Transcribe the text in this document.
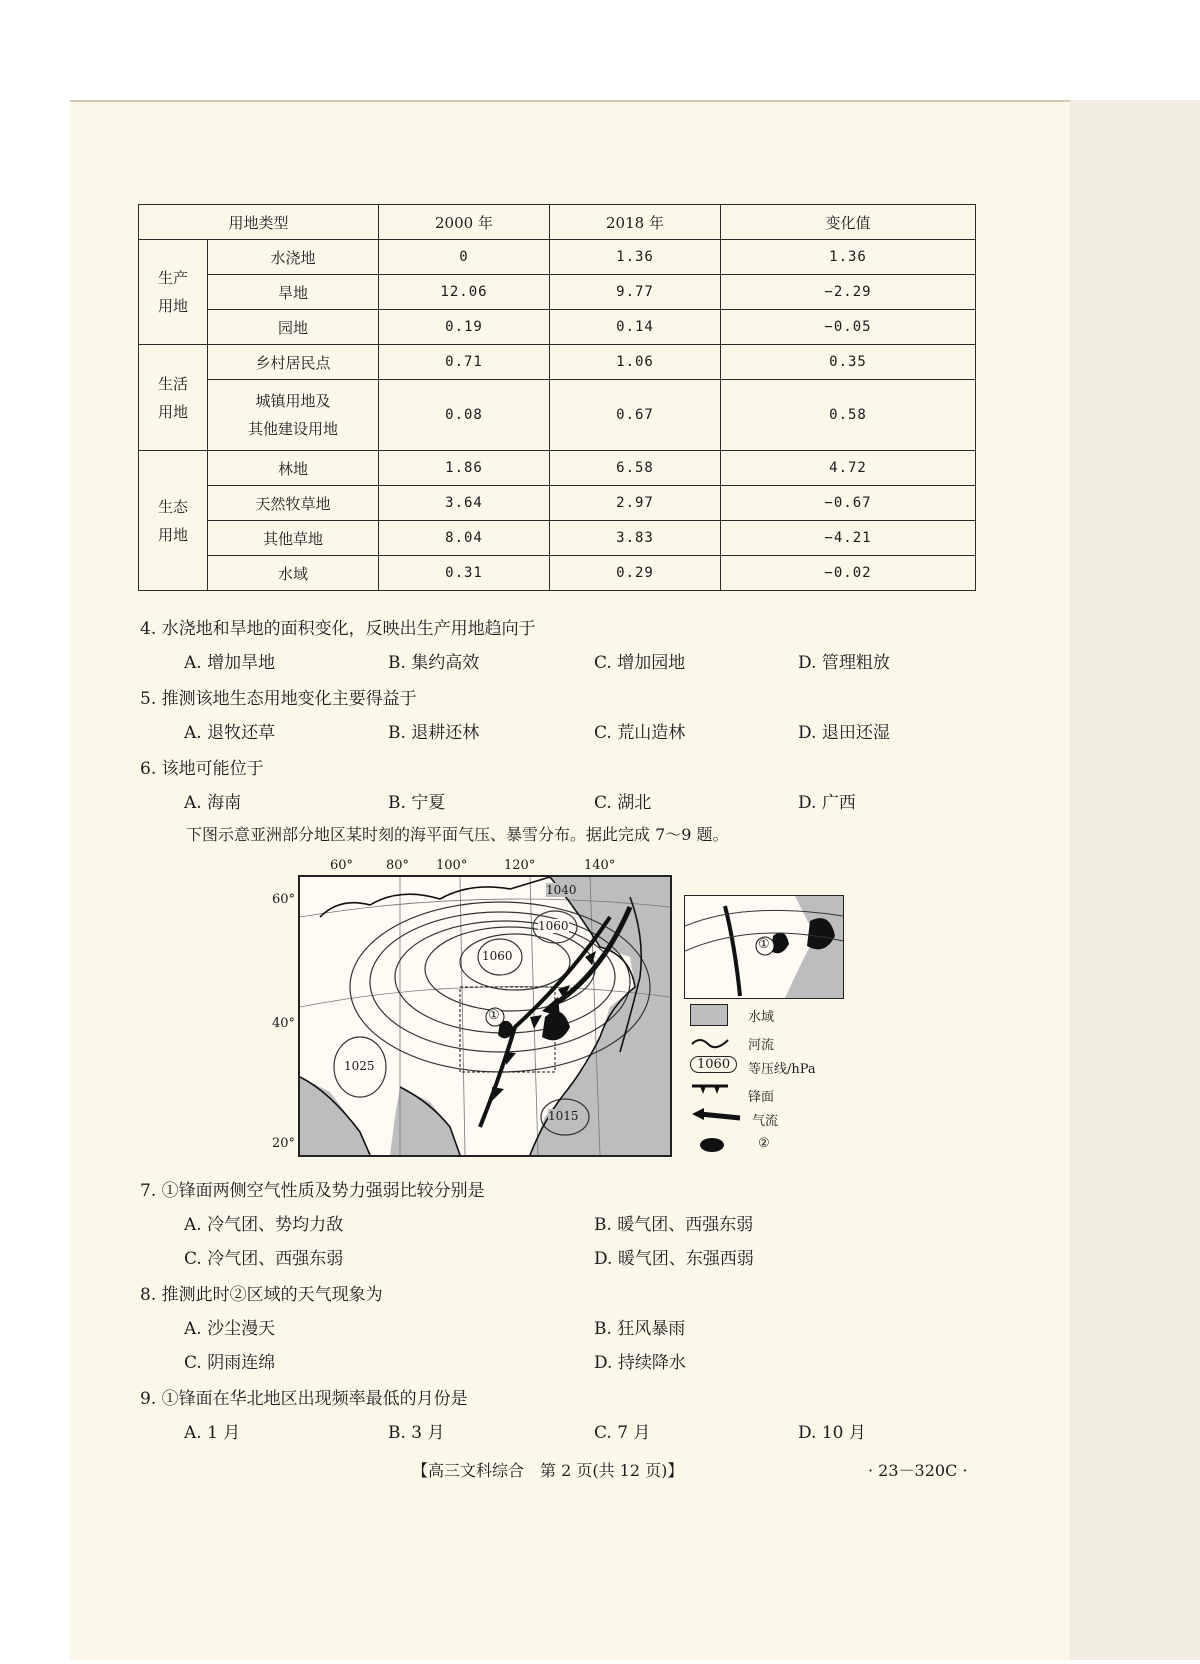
用地类型		2000 年	2018 年	变化值
生产
用地	水浇地	0	1.36	1.36
	旱地	12.06	9.77	−2.29
	园地	0.19	0.14	−0.05
生活
用地	乡村居民点	0.71	1.06	0.35
	城镇用地及
其他建设用地	0.08	0.67	0.58
生态
用地	林地	1.86	6.58	4.72
	天然牧草地	3.64	2.97	−0.67
	其他草地	8.04	3.83	−4.21
	水域	0.31	0.29	−0.02
4. 水浇地和旱地的面积变化，反映出生产用地趋向于
A. 增加旱地	B. 集约高效	C. 增加园地	D. 管理粗放
5. 推测该地生态用地变化主要得益于
A. 退牧还草	B. 退耕还林	C. 荒山造林	D. 退田还湿
6. 该地可能位于
A. 海南	B. 宁夏	C. 湖北	D. 广西
下图示意亚洲部分地区某时刻的海平面气压、暴雪分布。据此完成 7～9 题。
60°	80° 100°	120°	140°
60°
40°
20°
1040
1060
1060
1025
1015
①
①
水域
河流
1060	等压线/hPa
锋面
气流
②
7. ①锋面两侧空气性质及势力强弱比较分别是
A. 冷气团、势均力敌	B. 暖气团、西强东弱
C. 冷气团、西强东弱	D. 暖气团、东强西弱
8. 推测此时②区域的天气现象为
A. 沙尘漫天	B. 狂风暴雨
C. 阴雨连绵	D. 持续降水
9. ①锋面在华北地区出现频率最低的月份是
A. 1 月	B. 3 月	C. 7 月	D. 10 月
【高三文科综合　第 2 页(共 12 页)】	· 23－320C ·
